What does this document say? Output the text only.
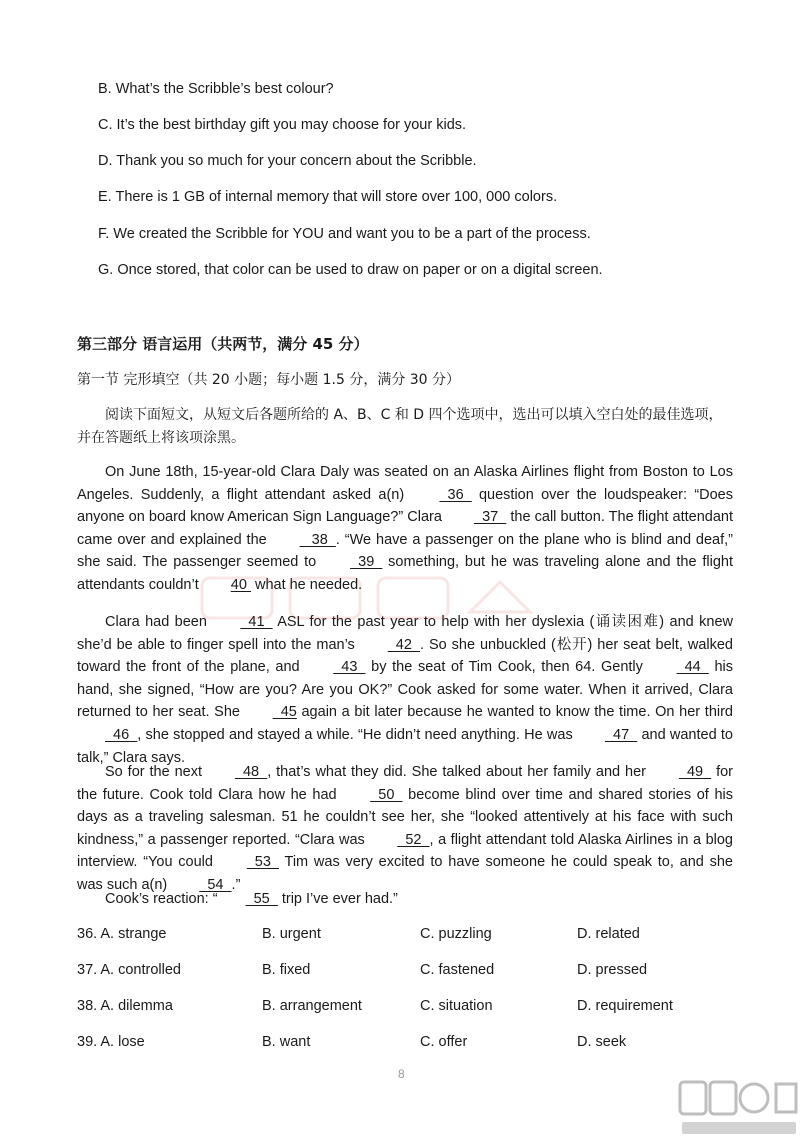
B. What’s the Scribble’s best colour?
C. It’s the best birthday gift you may choose for your kids.
D. Thank you so much for your concern about the Scribble.
E. There is 1 GB of internal memory that will store over 100, 000 colors.
F. We created the Scribble for YOU and want you to be a part of the process.
G. Once stored, that color can be used to draw on paper or on a digital screen.
第三部分 语言运用（共两节，满分 45 分）
第一节 完形填空（共 20 小题；每小题 1.5 分，满分 30 分）
阅读下面短文，从短文后各题所给的 A、B、C 和 D 四个选项中，选出可以填入空白处的最佳选项，并在答题纸上将该项涂黑。
On June 18th, 15-year-old Clara Daly was seated on an Alaska Airlines flight from Boston to Los Angeles. Suddenly, a flight attendant asked a(n)   36   question over the loudspeaker: “Does anyone on board know American Sign Language?” Clara   37   the call button. The flight attendant came over and explained the    38  . “We have a passenger on the plane who is blind and deaf,” she said. The passenger seemed to   39   something, but he was traveling alone and the flight attendants couldn’t 40  what he needed.
Clara had been   41   ASL for the past year to help with her dyslexia (诵读困难) and knew she’d be able to finger spell into the man’s   42  . So she unbuckled (松开) her seat belt, walked toward the front of the plane, and   43   by the seat of Tim Cook, then 64. Gently   44   his hand, she signed, “How are you? Are you OK?” Cook asked for some water. When it arrived, Clara returned to her seat. She   45 again a bit later because he wanted to know the time. On her third   46  , she stopped and stayed a while. “He didn’t need anything. He was   47   and wanted to talk,” Clara says.
So for the next   48  , that’s what they did. She talked about her family and her   49   for the future. Cook told Clara how he had   50   become blind over time and shared stories of his days as a traveling salesman. 51 he couldn’t see her, she “looked attentively at his face with such kindness,” a passenger reported. “Clara was   52  , a flight attendant told Alaska Airlines in a blog interview. “You could   53   Tim was very excited to have someone he could speak to, and she was such a(n)   54  .”
Cook’s reaction: “  55   trip I’ve ever had.”
36. A. strange	B. urgent	C. puzzling	D. related
37. A. controlled	B. fixed	C. fastened	D. pressed
38. A. dilemma	B. arrangement	C. situation	D. requirement
39. A. lose	B. want	C. offer	D. seek
8
